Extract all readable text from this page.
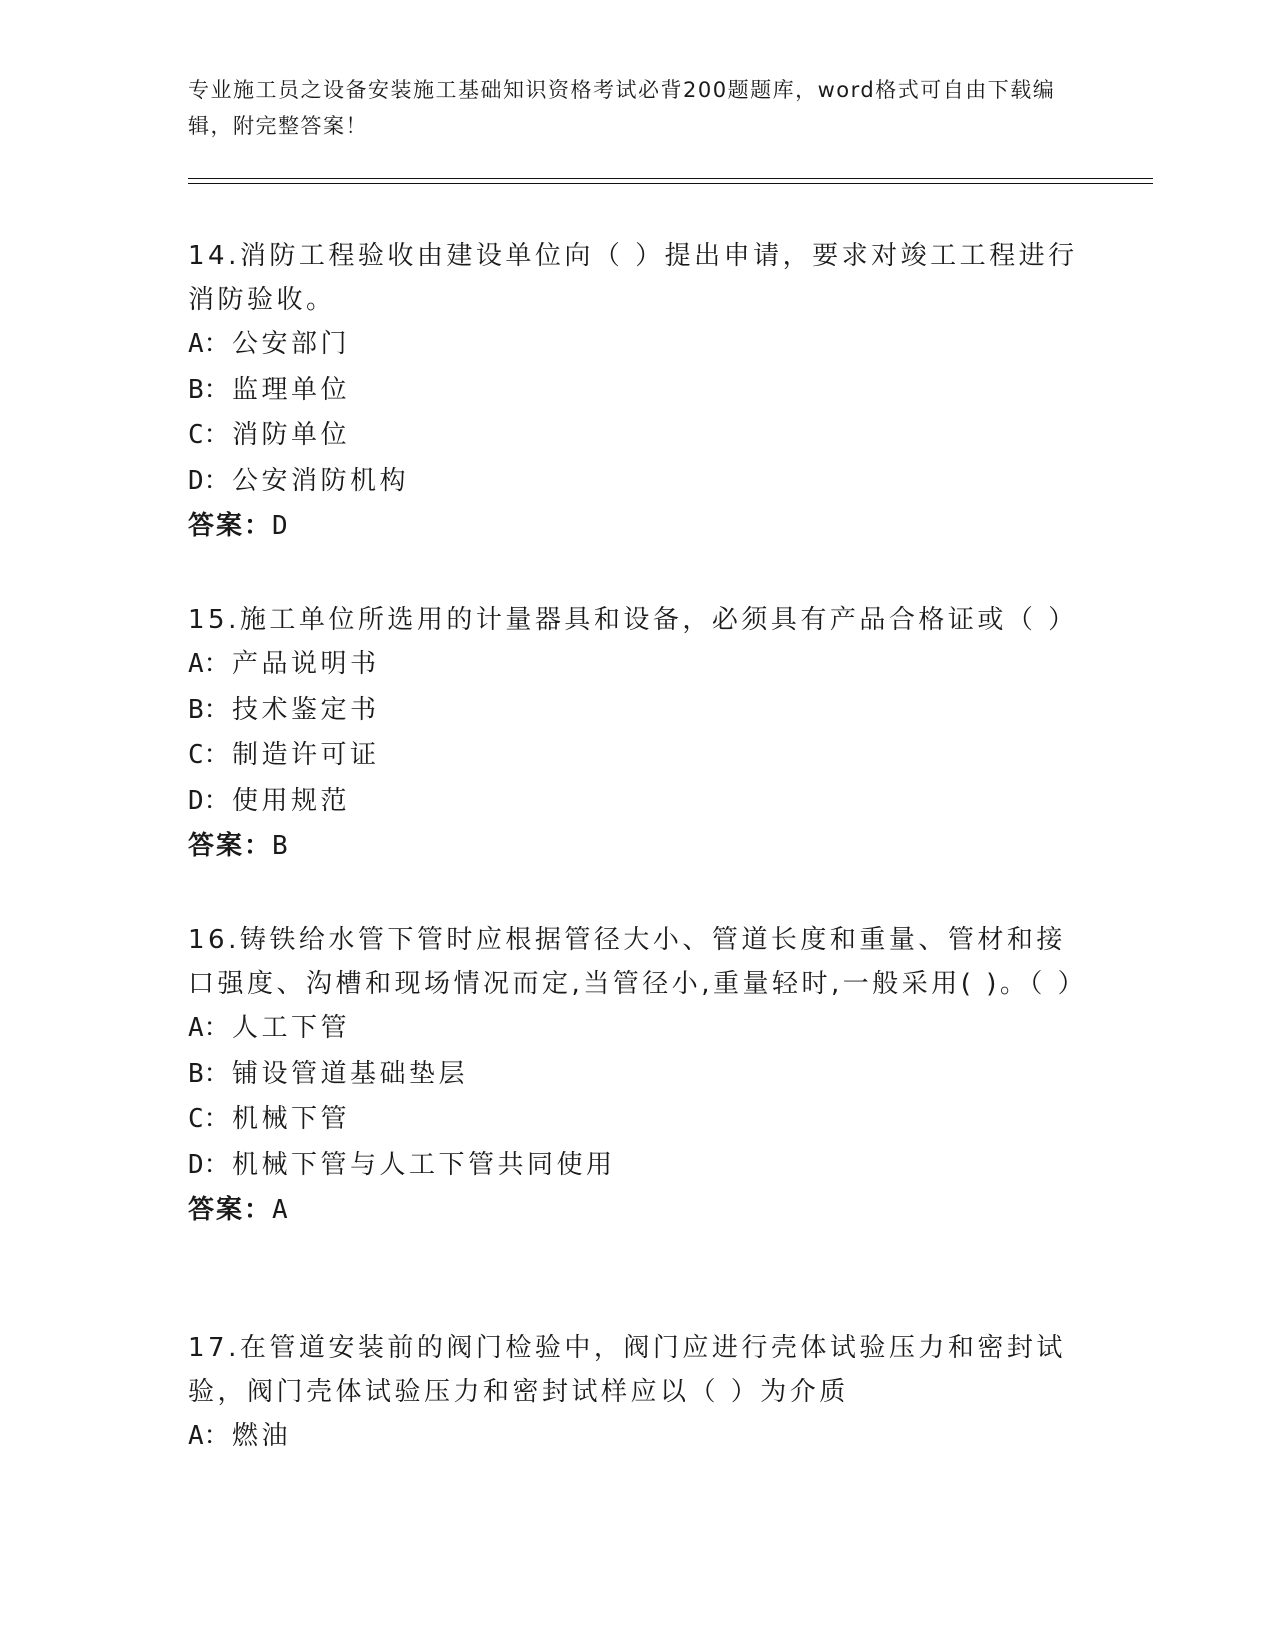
专业施工员之设备安装施工基础知识资格考试必背200题题库，word格式可自由下载编辑，附完整答案！

14.消防工程验收由建设单位向（ ）提出申请，要求对竣工工程进行消防验收。

A：公安部门

B：监理单位

C：消防单位

D：公安消防机构

答案：D

15.施工单位所选用的计量器具和设备，必须具有产品合格证或（ ）

A：产品说明书

B：技术鉴定书

C：制造许可证

D：使用规范

答案：B

16.铸铁给水管下管时应根据管径大小、管道长度和重量、管材和接口强度、沟槽和现场情况而定,当管径小,重量轻时,一般采用( )。（ ）

A：人工下管

B：铺设管道基础垫层

C：机械下管

D：机械下管与人工下管共同使用

答案：A

17.在管道安装前的阀门检验中，阀门应进行壳体试验压力和密封试验，阀门壳体试验压力和密封试样应以（ ）为介质

A：燃油
